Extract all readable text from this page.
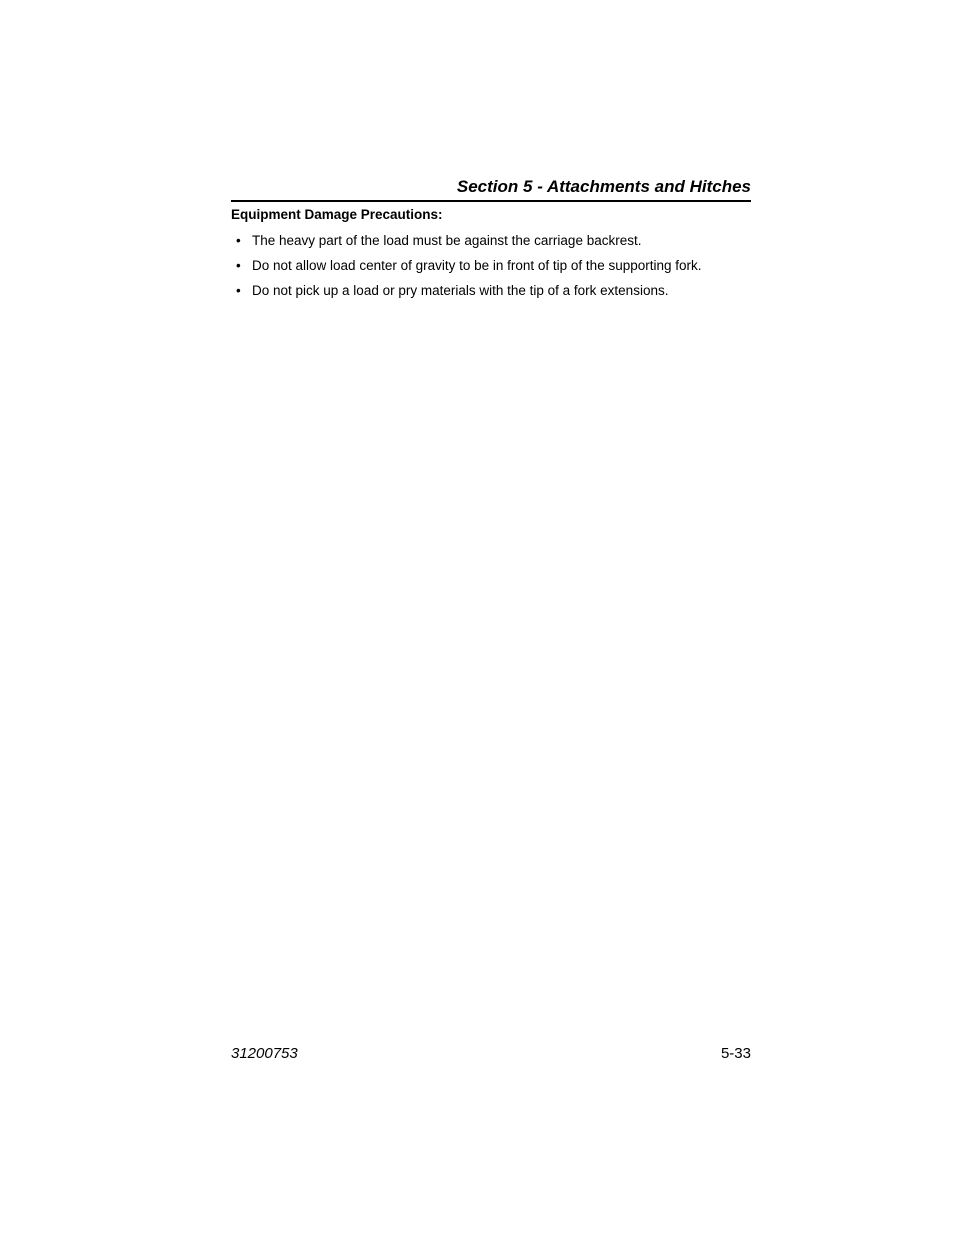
Section 5 - Attachments and Hitches
Equipment Damage Precautions:
• The heavy part of the load must be against the carriage backrest.
• Do not allow load center of gravity to be in front of tip of the supporting fork.
• Do not pick up a load or pry materials with the tip of a fork extensions.
31200753	5-33
